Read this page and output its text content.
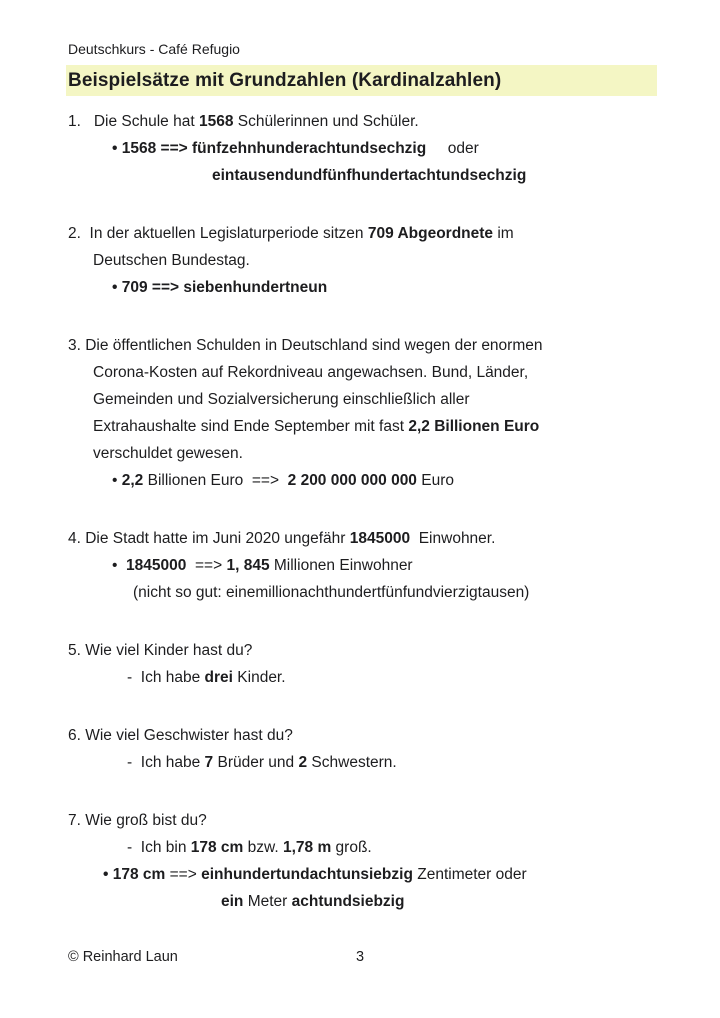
Deutschkurs - Café Refugio
Beispielsätze mit Grundzahlen (Kardinalzahlen)
1.   Die Schule hat 1568 Schülerinnen und Schüler.
• 1568 ==> fünfzehnhunderachtundsechzig     oder
eintausendundfünfhundertachtundsechzig
2.  In der aktuellen Legislaturperiode sitzen 709 Abgeordnete im
Deutschen Bundestag.
• 709 ==> siebenhundertneun
3. Die öffentlichen Schulden in Deutschland sind wegen der enormen
Corona-Kosten auf Rekordniveau angewachsen. Bund, Länder,
Gemeinden und Sozialversicherung einschließlich aller
Extrahaushalte sind Ende September mit fast 2,2 Billionen Euro
verschuldet gewesen.
• 2,2 Billionen Euro  ==>  2 200 000 000 000 Euro
4. Die Stadt hatte im Juni 2020 ungefähr 1845000  Einwohner.
•  1845000  ==> 1, 845 Millionen Einwohner
(nicht so gut: einemillionachthundertfünfundvierzigtausen)
5. Wie viel Kinder hast du?
-  Ich habe drei Kinder.
6. Wie viel Geschwister hast du?
-  Ich habe 7 Brüder und 2 Schwestern.
7. Wie groß bist du?
-  Ich bin 178 cm bzw. 1,78 m groß.
• 178 cm ==> einhundertundachtunsiebzig Zentimeter oder
ein Meter achtundsiebzig
© Reinhard Laun	3
